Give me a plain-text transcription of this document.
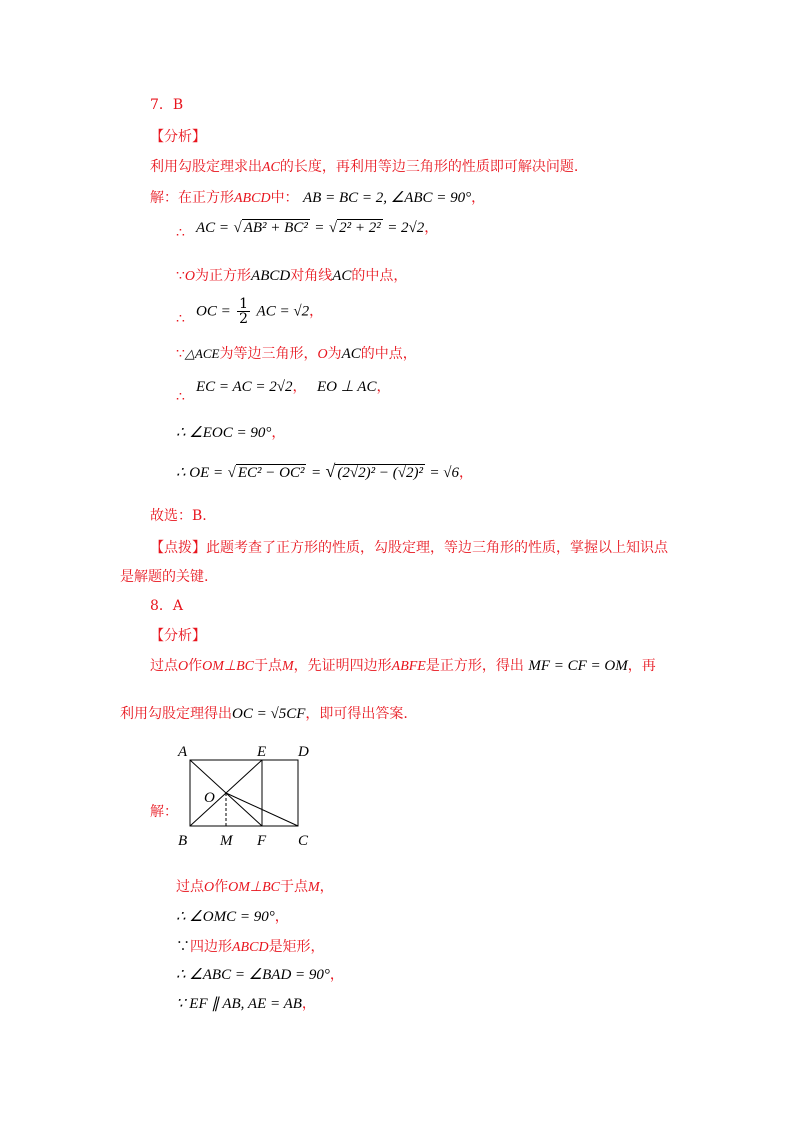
7．B
【分析】
利用勾股定理求出AC的长度，再利用等边三角形的性质即可解决问题.
解：在正方形ABCD中： AB = BC = 2, ∠ABC = 90°，
∴ AC = √ AB² + BC² = √ 2² + 2² = 2√2，
∵O为正方形ABCD对角线AC的中点，
∴ OC = $\frac{1}{2}$ AC = √2，
∵△ACE为等边三角形，O为AC的中点，
∴
EC = AC = 2√2， EO ⊥ AC，
∴ ∠EOC = 90°，
∴ OE = √ EC² − OC² = √ (2√2)² − (√2)² = √6，
故选：B.
【点拨】此题考查了正方形的性质，勾股定理，等边三角形的性质，掌握以上知识点
是解题的关键.
8．A
【分析】
过点O作OM⊥BC于点M，先证明四边形ABFE是正方形，得出 MF = CF = OM，再
利用勾股定理得出OC = √5CF，即可得出答案.
解：
A	E D
O
B M F C
过点O作OM⊥BC于点M，
∴ ∠OMC = 90°，
∵四边形ABCD是矩形，
∴ ∠ABC = ∠BAD = 90°，
∵ EF ∥ AB, AE = AB，
